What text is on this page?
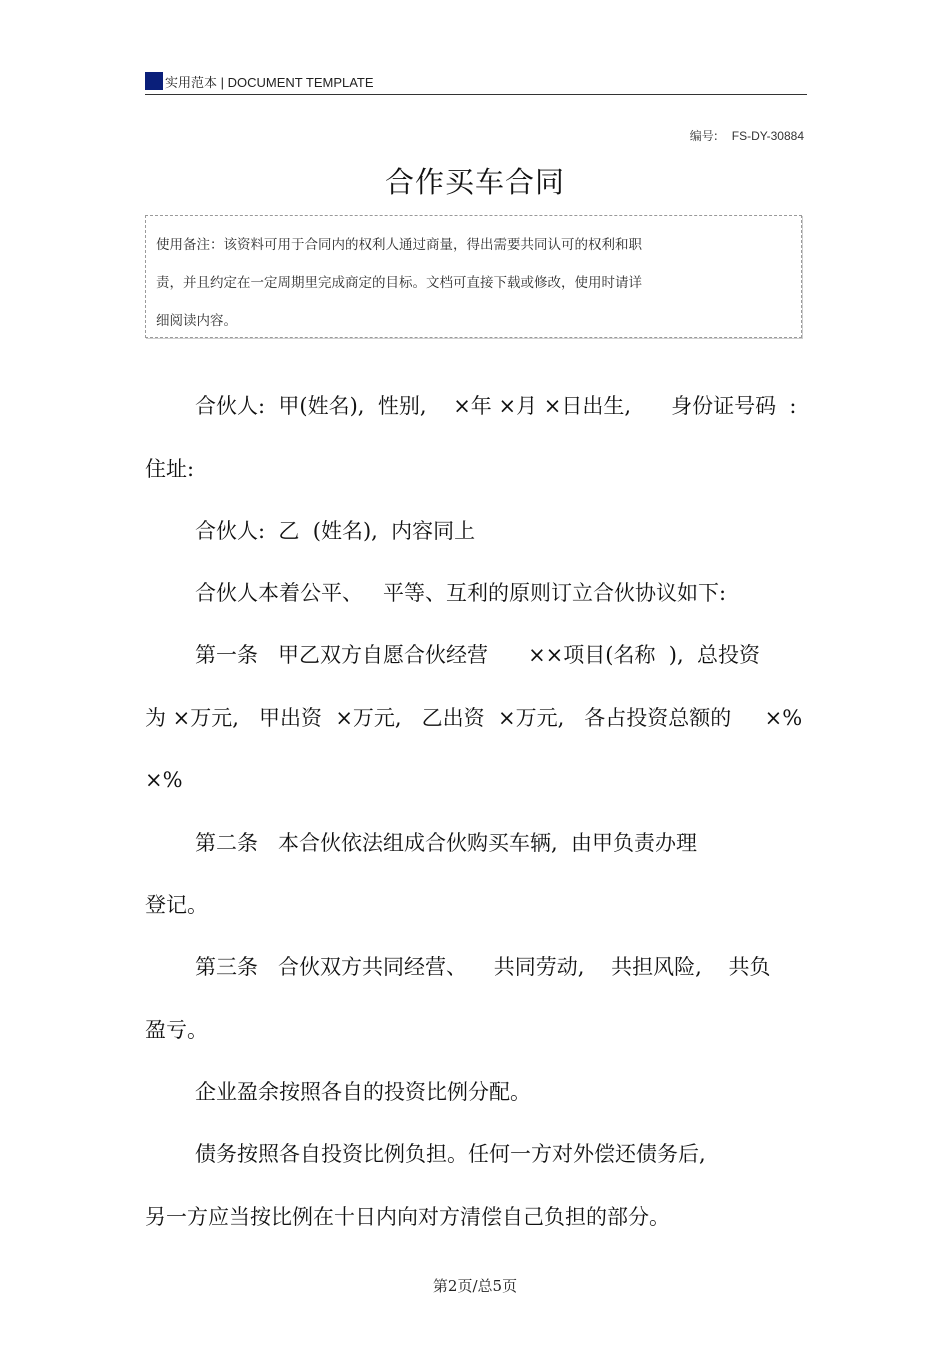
实用范本 | DOCUMENT TEMPLATE
编号: FS-DY-30884
合作买车合同
使用备注：该资料可用于合同内的权利人通过商量，得出需要共同认可的权利和职
责，并且约定在一定周期里完成商定的目标。文档可直接下载或修改，使用时请详
细阅读内容。
合伙人:  甲(姓名),  性别,    ×年 ×月 ×日出生,      身份证号码  :
住址:
合伙人:  乙  (姓名),  内容同上
合伙人本着公平、   平等、互利的原则订立合伙协议如下:
第一条   甲乙双方自愿合伙经营      ××项目(名称  ),  总投资
为 ×万元,   甲出资  ×万元,   乙出资  ×万元,   各占投资总额的     ×%
×%
第二条   本合伙依法组成合伙购买车辆,  由甲负责办理
登记。
第三条   合伙双方共同经营、    共同劳动,    共担风险,    共负
盈亏。
企业盈余按照各自的投资比例分配。
债务按照各自投资比例负担。任何一方对外偿还债务后,
另一方应当按比例在十日内向对方清偿自己负担的部分。
第2页/总5页
